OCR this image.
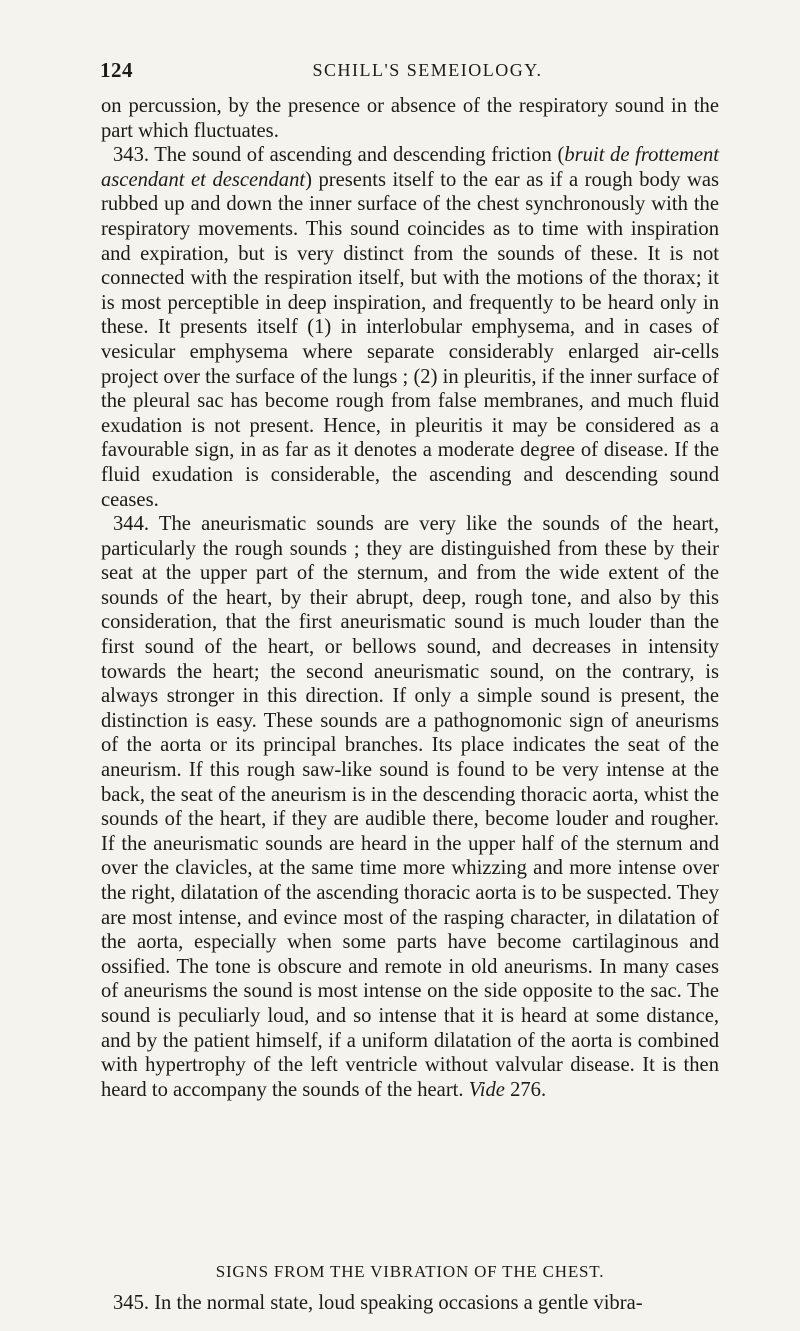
124	SCHILL'S SEMEIOLOGY.

on percussion, by the presence or absence of the respiratory sound in the part which fluctuates.

343. The sound of ascending and descending friction (bruit de frottement ascendant et descendant) presents itself to the ear as if a rough body was rubbed up and down the inner surface of the chest synchronously with the respiratory movements. This sound coincides as to time with inspiration and expiration, but is very distinct from the sounds of these. It is not connected with the respiration itself, but with the motions of the thorax; it is most perceptible in deep inspiration, and frequently to be heard only in these. It presents itself (1) in interlobular emphysema, and in cases of vesicular emphysema where separate considerably enlarged air-cells project over the surface of the lungs ; (2) in pleuritis, if the inner surface of the pleural sac has become rough from false membranes, and much fluid exudation is not present. Hence, in pleuritis it may be considered as a favourable sign, in as far as it denotes a moderate degree of disease. If the fluid exudation is considerable, the ascending and descending sound ceases.

344. The aneurismatic sounds are very like the sounds of the heart, particularly the rough sounds ; they are distinguished from these by their seat at the upper part of the sternum, and from the wide extent of the sounds of the heart, by their abrupt, deep, rough tone, and also by this consideration, that the first aneurismatic sound is much louder than the first sound of the heart, or bellows sound, and decreases in intensity towards the heart; the second aneurismatic sound, on the contrary, is always stronger in this direction. If only a simple sound is present, the distinction is easy. These sounds are a pathognomonic sign of aneurisms of the aorta or its principal branches. Its place indicates the seat of the aneurism. If this rough saw-like sound is found to be very intense at the back, the seat of the aneurism is in the descending thoracic aorta, whist the sounds of the heart, if they are audible there, become louder and rougher. If the aneurismatic sounds are heard in the upper half of the sternum and over the clavicles, at the same time more whizzing and more intense over the right, dilatation of the ascending thoracic aorta is to be suspected. They are most intense, and evince most of the rasping character, in dilatation of the aorta, especially when some parts have become cartilaginous and ossified. The tone is obscure and remote in old aneurisms. In many cases of aneurisms the sound is most intense on the side opposite to the sac. The sound is peculiarly loud, and so intense that it is heard at some distance, and by the patient himself, if a uniform dilatation of the aorta is combined with hypertrophy of the left ventricle without valvular disease. It is then heard to accompany the sounds of the heart. Vide 276.

SIGNS FROM THE VIBRATION OF THE CHEST.
345. In the normal state, loud speaking occasions a gentle vibra-
